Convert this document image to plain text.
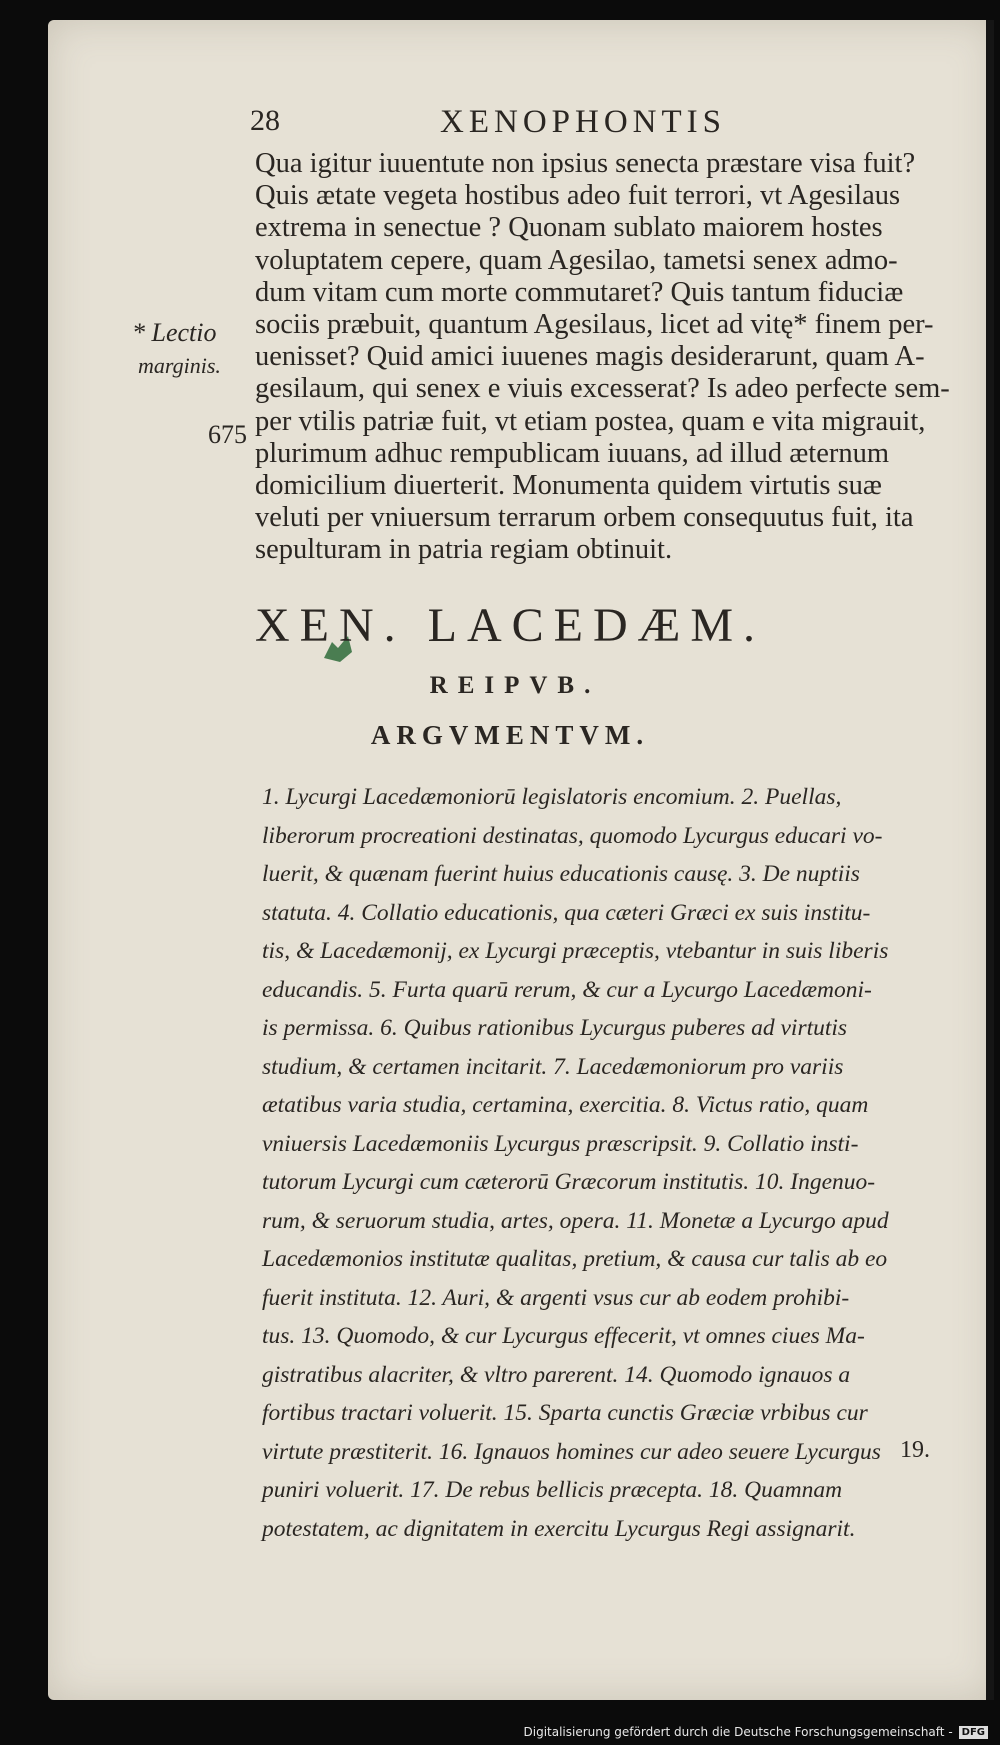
28	XENOPHONTIS
* Lectio
marginis.
675
Qua igitur iuuentute non ipsius senecta præstare visa fuit?
Quis ætate vegeta hostibus adeo fuit terrori, vt Agesilaus
extrema in senectue ? Quonam sublato maiorem hostes
voluptatem cepere, quam Agesilao, tametsi senex admo-
dum vitam cum morte commutaret? Quis tantum fiduciæ
sociis præbuit, quantum Agesilaus, licet ad vitę* finem per-
uenisset? Quid amici iuuenes magis desiderarunt, quam A-
gesilaum, qui senex e viuis excesserat? Is adeo perfecte sem-
per vtilis patriæ fuit, vt etiam postea, quam e vita migrauit,
plurimum adhuc rempublicam iuuans, ad illud æternum
domicilium diuerterit. Monumenta quidem virtutis suæ
veluti per vniuersum terrarum orbem consequutus fuit, ita
sepulturam in patria regiam obtinuit.
XEN. LACEDÆM.
REIPVB.
ARGVMENTVM.
1. Lycurgi Lacedæmoniorū legislatoris encomium. 2. Puellas,
liberorum procreationi destinatas, quomodo Lycurgus educari vo-
luerit, & quænam fuerint huius educationis causę. 3. De nuptiis
statuta. 4. Collatio educationis, qua cæteri Græci ex suis institu-
tis, & Lacedæmonij, ex Lycurgi præceptis, vtebantur in suis liberis
educandis. 5. Furta quarū rerum, & cur a Lycurgo Lacedæmoni-
is permissa. 6. Quibus rationibus Lycurgus puberes ad virtutis
studium, & certamen incitarit. 7. Lacedæmoniorum pro variis
ætatibus varia studia, certamina, exercitia. 8. Victus ratio, quam
vniuersis Lacedæmoniis Lycurgus præscripsit. 9. Collatio insti-
tutorum Lycurgi cum cæterorū Græcorum institutis. 10. Ingenuo-
rum, & seruorum studia, artes, opera. 11. Monetæ a Lycurgo apud
Lacedæmonios institutæ qualitas, pretium, & causa cur talis ab eo
fuerit instituta. 12. Auri, & argenti vsus cur ab eodem prohibi-
tus. 13. Quomodo, & cur Lycurgus effecerit, vt omnes ciues Ma-
gistratibus alacriter, & vltro parerent. 14. Quomodo ignauos a
fortibus tractari voluerit. 15. Sparta cunctis Græciæ vrbibus cur
virtute præstiterit. 16. Ignauos homines cur adeo seuere Lycurgus
puniri voluerit. 17. De rebus bellicis præcepta. 18. Quamnam
potestatem, ac dignitatem in exercitu Lycurgus Regi assignarit.
19.
Digitalisierung gefördert durch die Deutsche Forschungsgemeinschaft - DFG
